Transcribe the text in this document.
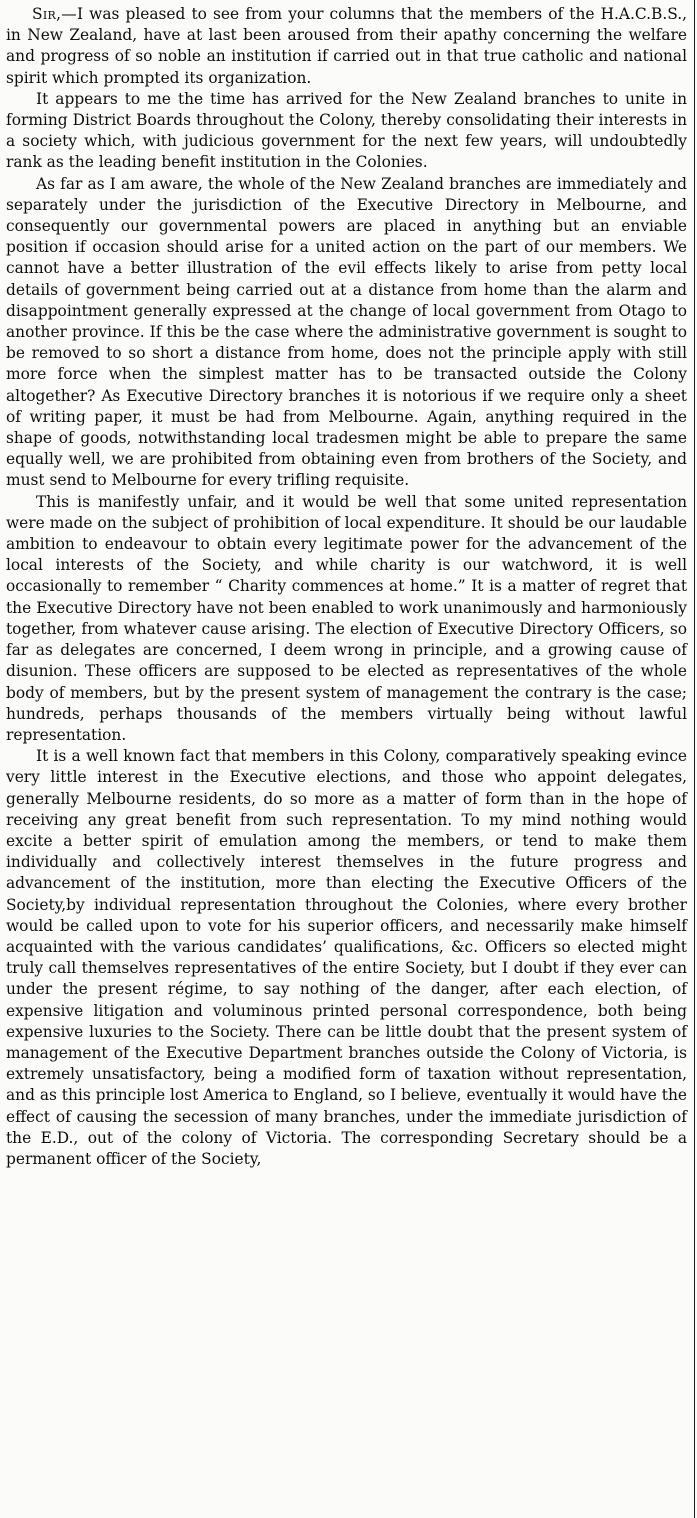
Sir,—I was pleased to see from your columns that the members of the H.A.C.B.S., in New Zealand, have at last been aroused from their apathy concerning the welfare and progress of so noble an institution if carried out in that true catholic and national spirit which prompted its organization.

It appears to me the time has arrived for the New Zealand branches to unite in forming District Boards throughout the Colony, thereby consolidating their interests in a society which, with judicious government for the next few years, will undoubtedly rank as the leading benefit institution in the Colonies.

As far as I am aware, the whole of the New Zealand branches are immediately and separately under the jurisdiction of the Executive Directory in Melbourne, and consequently our governmental powers are placed in anything but an enviable position if occasion should arise for a united action on the part of our members. We cannot have a better illustration of the evil effects likely to arise from petty local details of government being carried out at a distance from home than the alarm and disappointment generally expressed at the change of local government from Otago to another province. If this be the case where the administrative government is sought to be removed to so short a distance from home, does not the principle apply with still more force when the simplest matter has to be transacted outside the Colony altogether? As Executive Directory branches it is notorious if we require only a sheet of writing paper, it must be had from Melbourne. Again, anything required in the shape of goods, notwithstanding local tradesmen might be able to prepare the same equally well, we are prohibited from obtaining even from brothers of the Society, and must send to Melbourne for every trifling requisite.

This is manifestly unfair, and it would be well that some united representation were made on the subject of prohibition of local expenditure. It should be our laudable ambition to endeavour to obtain every legitimate power for the advancement of the local interests of the Society, and while charity is our watchword, it is well occasionally to remember “ Charity commences at home.” It is a matter of regret that the Executive Directory have not been enabled to work unanimously and harmoniously together, from whatever cause arising. The election of Executive Directory Officers, so far as delegates are concerned, I deem wrong in principle, and a growing cause of disunion. These officers are supposed to be elected as representatives of the whole body of members, but by the present system of management the contrary is the case; hundreds, perhaps thousands of the members virtually being without lawful representation.

It is a well known fact that members in this Colony, comparatively speaking evince very little interest in the Executive elections, and those who appoint delegates, generally Melbourne residents, do so more as a matter of form than in the hope of receiving any great benefit from such representation. To my mind nothing would excite a better spirit of emulation among the members, or tend to make them individually and collectively interest themselves in the future progress and advancement of the institution, more than electing the Executive Officers of the Society,by individual representation throughout the Colonies, where every brother would be called upon to vote for his superior officers, and necessarily make himself acquainted with the various candidates’ qualifications, &c. Officers so elected might truly call themselves representatives of the entire Society, but I doubt if they ever can under the present régime, to say nothing of the danger, after each election, of expensive litigation and voluminous printed personal correspondence, both being expensive luxuries to the Society. There can be little doubt that the present system of management of the Executive Department branches outside the Colony of Victoria, is extremely unsatisfactory, being a modified form of taxation without representation, and as this principle lost America to England, so I believe, eventually it would have the effect of causing the secession of many branches, under the immediate jurisdiction of the E.D., out of the colony of Victoria. The corresponding Secretary should be a permanent officer of the Society,
